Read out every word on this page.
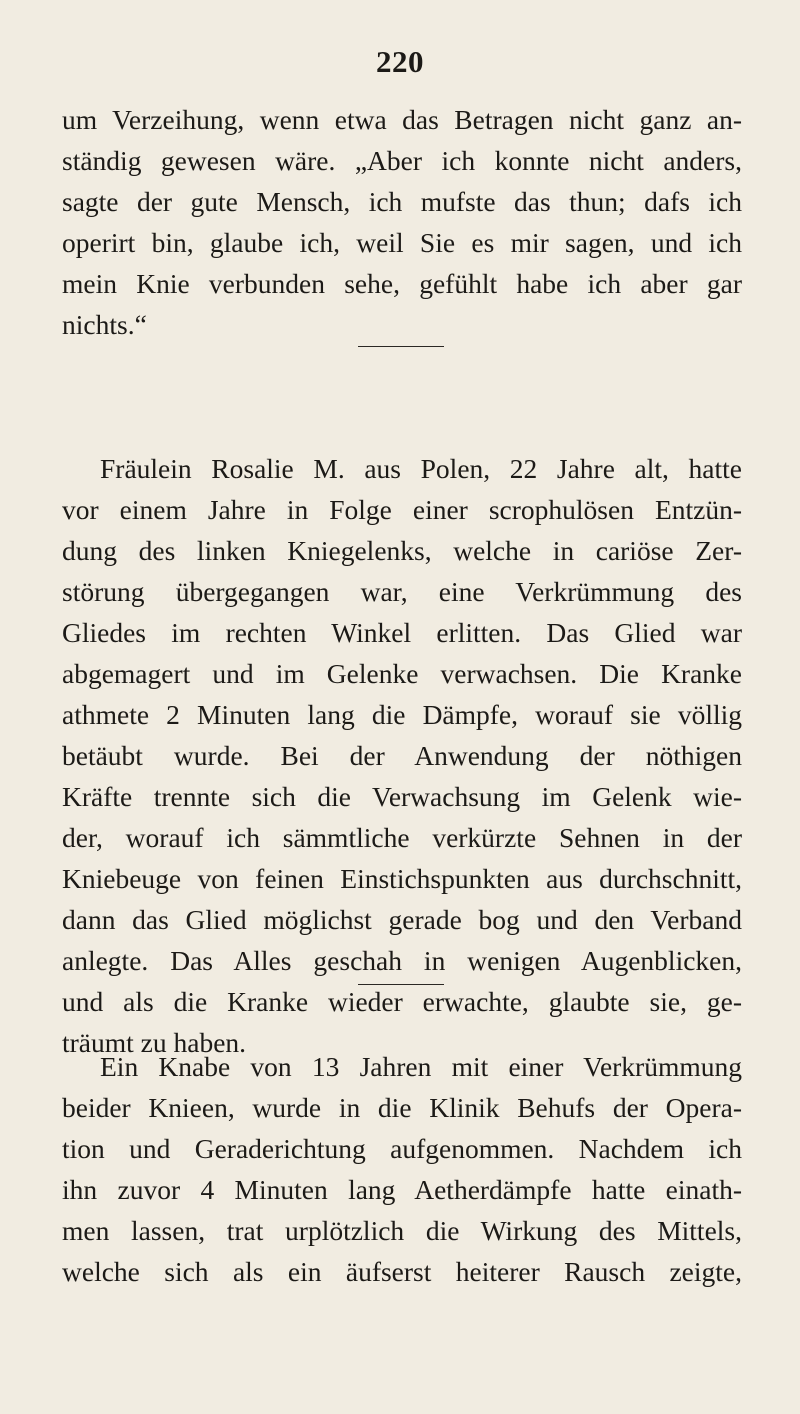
220
um Verzeihung, wenn etwa das Betragen nicht ganz an-
ständig gewesen wäre. „Aber ich konnte nicht anders,
sagte der gute Mensch, ich mufste das thun; dafs ich
operirt bin, glaube ich, weil Sie es mir sagen, und ich
mein Knie verbunden sehe, gefühlt habe ich aber gar
nichts.“
Fräulein Rosalie M. aus Polen, 22 Jahre alt, hatte
vor einem Jahre in Folge einer scrophulösen Entzün-
dung des linken Kniegelenks, welche in cariöse Zer-
störung übergegangen war, eine Verkrümmung des
Gliedes im rechten Winkel erlitten. Das Glied war
abgemagert und im Gelenke verwachsen. Die Kranke
athmete 2 Minuten lang die Dämpfe, worauf sie völlig
betäubt wurde. Bei der Anwendung der nöthigen
Kräfte trennte sich die Verwachsung im Gelenk wie-
der, worauf ich sämmtliche verkürzte Sehnen in der
Kniebeuge von feinen Einstichspunkten aus durchschnitt,
dann das Glied möglichst gerade bog und den Verband
anlegte. Das Alles geschah in wenigen Augenblicken,
und als die Kranke wieder erwachte, glaubte sie, ge-
träumt zu haben.
Ein Knabe von 13 Jahren mit einer Verkrümmung
beider Knieen, wurde in die Klinik Behufs der Opera-
tion und Geraderichtung aufgenommen. Nachdem ich
ihn zuvor 4 Minuten lang Aetherdämpfe hatte einath-
men lassen, trat urplötzlich die Wirkung des Mittels,
welche sich als ein äufserst heiterer Rausch zeigte,
